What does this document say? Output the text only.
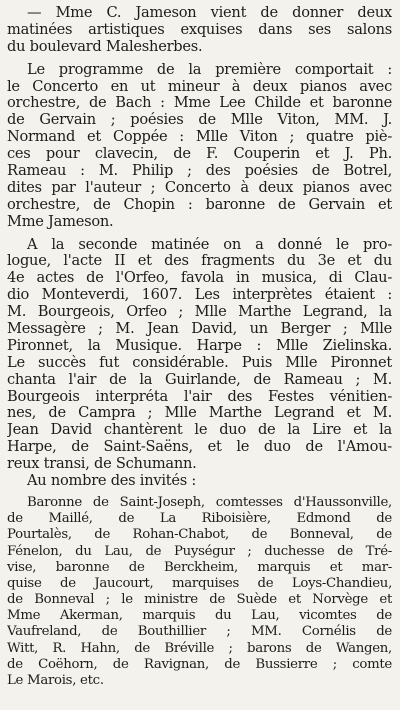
— Mme C. Jameson vient de donner deux
matinées artistiques exquises dans ses salons
du boulevard Malesherbes.
Le programme de la première comportait :
le Concerto en ut mineur à deux pianos avec
orchestre, de Bach : Mme Lee Childe et baronne
de Gervain ; poésies de Mlle Viton, MM. J.
Normand et Coppée : Mlle Viton ; quatre piè-
ces pour clavecin, de F. Couperin et J. Ph.
Rameau : M. Philip ; des poésies de Botrel,
dites par l'auteur ; Concerto à deux pianos avec
orchestre, de Chopin : baronne de Gervain et
Mme Jameson.
A la seconde matinée on a donné le pro-
logue, l'acte II et des fragments du 3e et du
4e actes de l'Orfeo, favola in musica, di Clau-
dio Monteverdi, 1607. Les interprètes étaient :
M. Bourgeois, Orfeo ; Mlle Marthe Legrand, la
Messagère ; M. Jean David, un Berger ; Mlle
Pironnet, la Musique. Harpe : Mlle Zielinska.
Le succès fut considérable. Puis Mlle Pironnet
chanta l'air de la Guirlande, de Rameau ; M.
Bourgeois interpréta l'air des Festes vénitien-
nes, de Campra ; Mlle Marthe Legrand et M.
Jean David chantèrent le duo de la Lire et la
Harpe, de Saint-Saëns, et le duo de l'Amou-
reux transi, de Schumann.
Au nombre des invités :
Baronne de Saint-Joseph, comtesses d'Haussonville,
de Maillé, de La Riboisière, Edmond de
Pourtalès, de Rohan-Chabot, de Bonneval, de
Fénelon, du Lau, de Puységur ; duchesse de Tré-
vise, baronne de Berckheim, marquis et mar-
quise de Jaucourt, marquises de Loys-Chandieu,
de Bonneval ; le ministre de Suède et Norvège et
Mme Akerman, marquis du Lau, vicomtes de
Vaufreland, de Bouthillier ; MM. Cornélis de
Witt, R. Hahn, de Bréville ; barons de Wangen,
de Coëhorn, de Ravignan, de Bussierre ; comte
Le Marois, etc.
